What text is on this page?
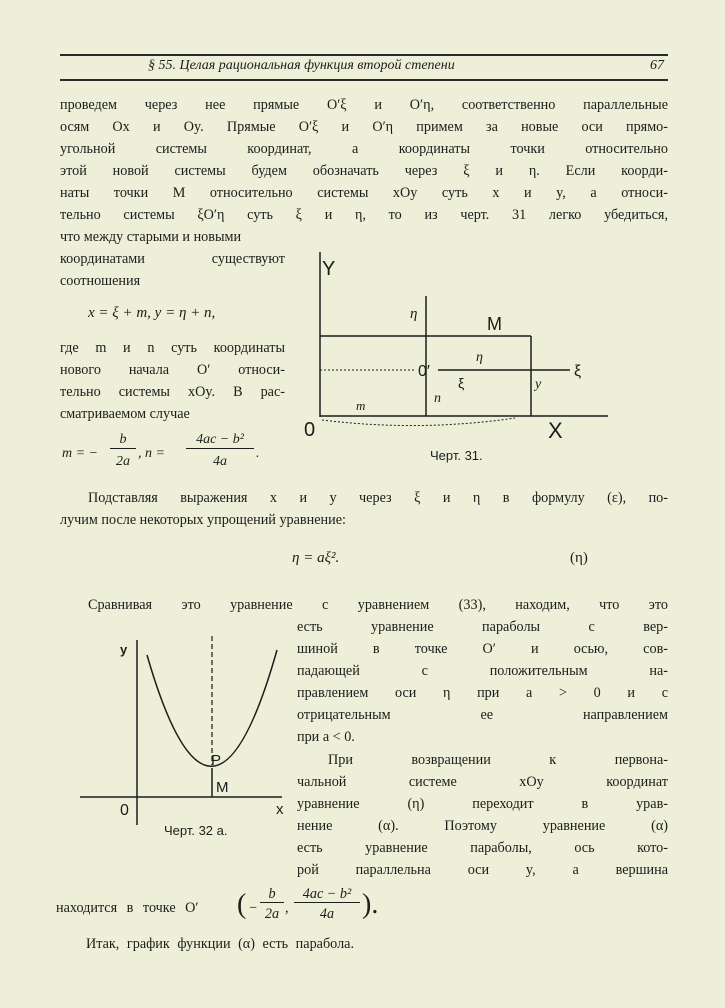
§ 55. Целая рациональная функция второй степени	67
проведем через нее прямые O′ξ и O′η, соответственно параллельные
осям Ox и Oy. Прямые O′ξ и O′η примем за новые оси прямо-
угольной системы координат, а координаты точки относительно
этой новой системы будем обозначать через ξ и η. Если коорди-
наты точки M относительно системы xOy суть x и y, а относи-
тельно системы ξO′η суть ξ и η, то из черт. 31 легко убедиться,
что между старыми и новыми
координатами существуют
соотношения
x = ξ + m, y = η + n,
где m и n суть координаты
нового начала O′ относи-
тельно системы xOy. В рас-
сматриваемом случае
m = −
b
2a
, n =
4ac − b²
4a
.
Y
0	X
η	M
0′	ξ
η
ξ	y
n
m
Черт. 31.
Подставляя выражения x и y через ξ и η в формулу (ε), по-
лучим после некоторых упрощений уравнение:
η = aξ².	(η)
Сравнивая это уравнение с уравнением (33), находим, что это
есть уравнение параболы с вер-
шиной в точке O′ и осью, сов-
падающей с положительным на-
правлением оси η при a > 0 и с
отрицательным ее направлением
при a < 0.
При возвращении к первона-
чальной системе xOy координат
уравнение (η) переходит в урав-
нение (α). Поэтому уравнение (α)
есть уравнение параболы, ось кото-
рой параллельна оси y, а вершина
y
0	x
P
M
Черт. 32 а.
находится в точке O′ ( −
b
2a ,
4ac − b²
4a ).
Итак, график функции (α) есть парабола.
